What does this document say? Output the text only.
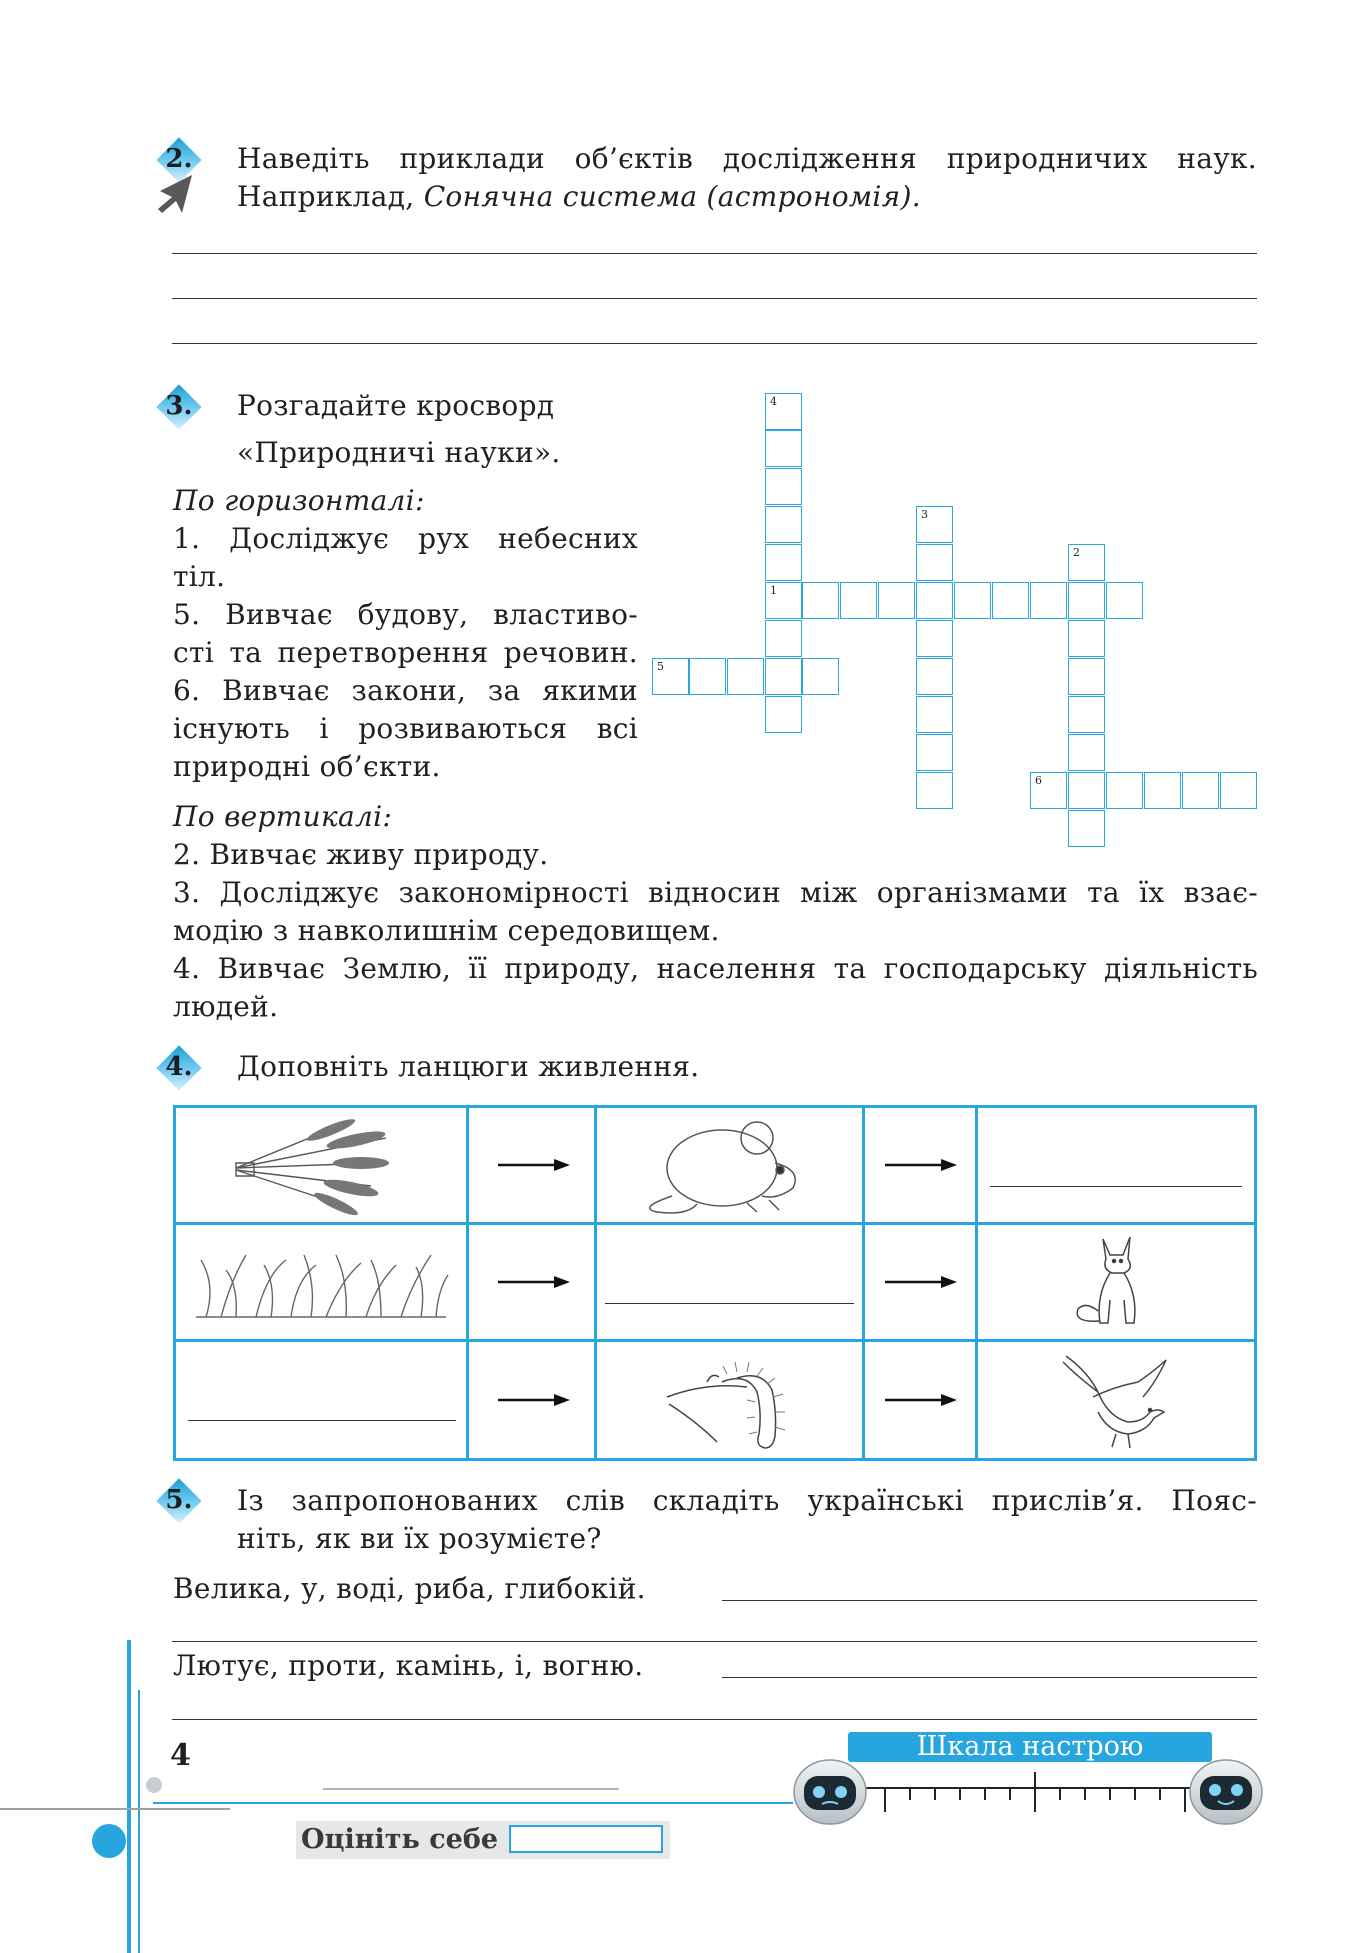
2.	Наведіть приклади об’єктів дослідження природничих наук.
Наприклад, Сонячна система (астрономія).
3.	Розгадайте кросворд
«Природничі науки».
По горизонталі:
1. Досліджує рух небесних
тіл.
5. Вивчає будову, властиво-
сті та перетворення речовин.
6. Вивчає закони, за якими
існують і розвиваються всі
природні об’єкти.
По вертикалі:
2. Вивчає живу природу.
3. Досліджує закономірності відносин між організмами та їх взає-
модію з навколишнім середовищем.
4. Вивчає Землю, її природу, населення та господарську діяльність
людей.
4
1
3
2
5
6
4.	Доповніть ланцюги живлення.

5.	Із запропонованих слів складіть українські прислів’я. Пояс-
ніть, як ви їх розумієте?
Велика, у, воді, риба, глибокій.
Лютує, проти, камінь, і, вогню.
4
Оцініть себе
Шкала настрою
